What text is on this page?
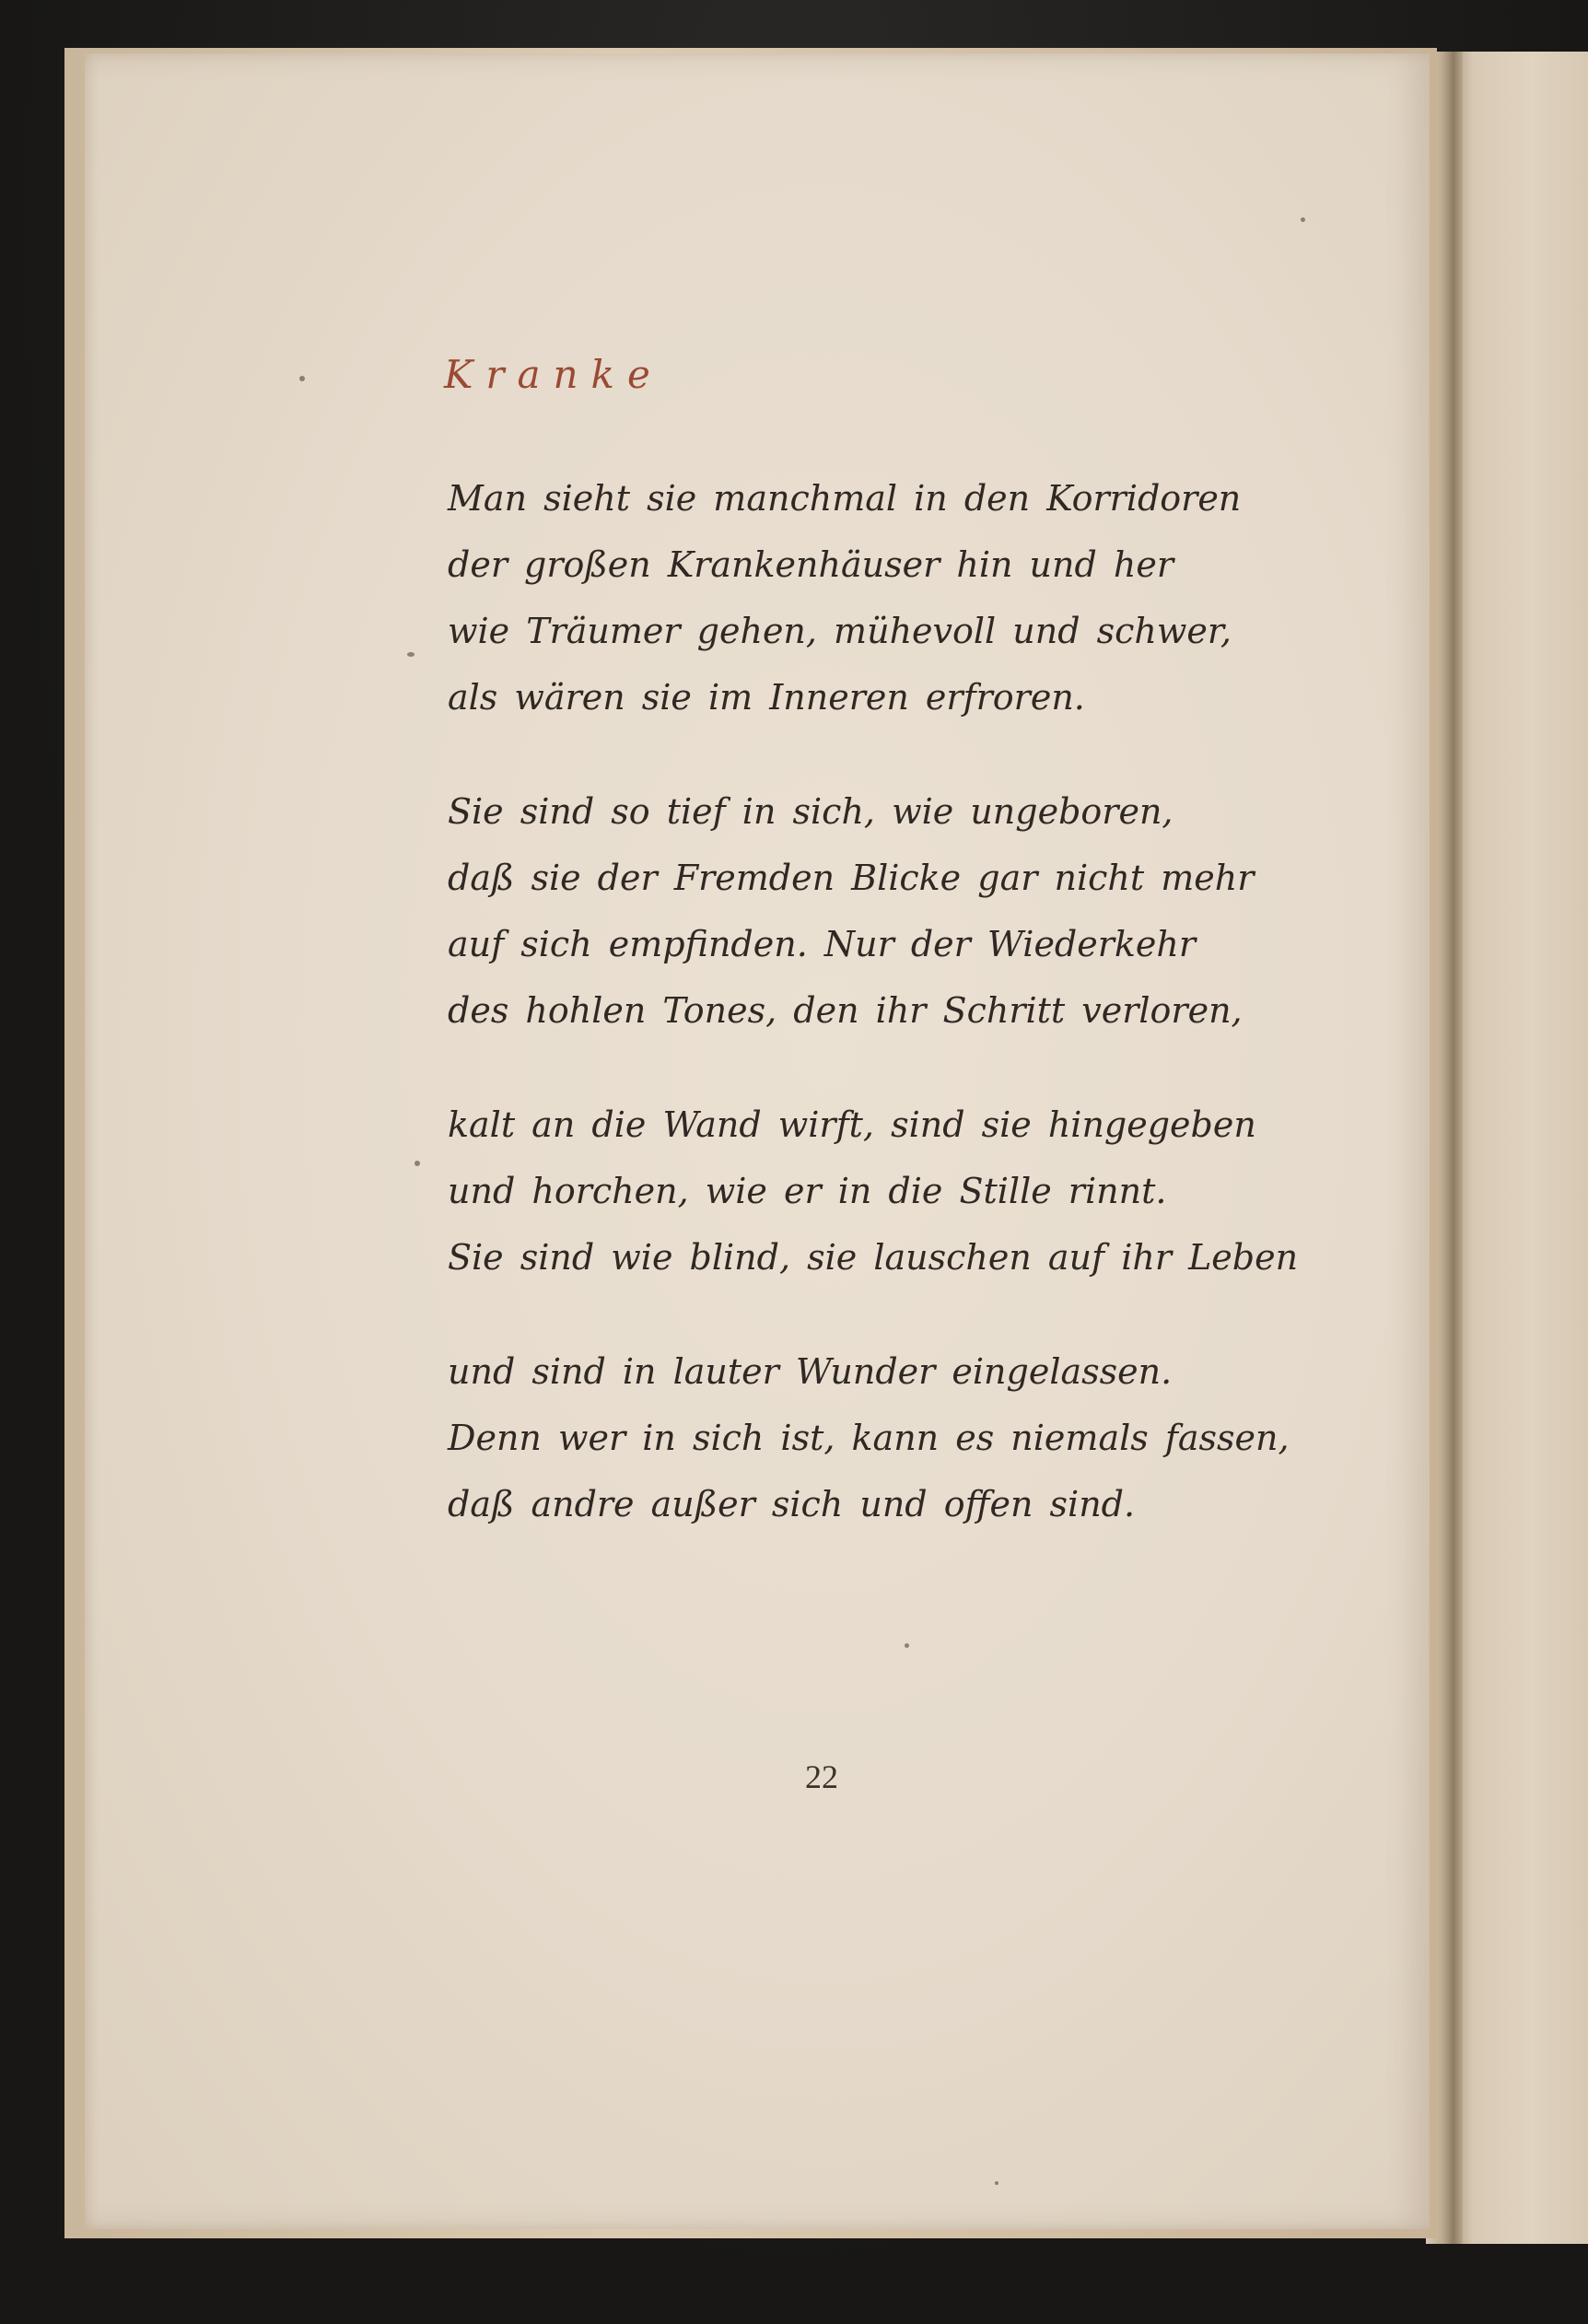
Kranke
Man sieht sie manchmal in den Korridoren
der großen Krankenhäuser hin und her
wie Träumer gehen, mühevoll und schwer,
als wären sie im Inneren erfroren.
Sie sind so tief in sich, wie ungeboren,
daß sie der Fremden Blicke gar nicht mehr
auf sich empfinden. Nur der Wiederkehr
des hohlen Tones, den ihr Schritt verloren,
kalt an die Wand wirft, sind sie hingegeben
und horchen, wie er in die Stille rinnt.
Sie sind wie blind, sie lauschen auf ihr Leben
und sind in lauter Wunder eingelassen.
Denn wer in sich ist, kann es niemals fassen,
daß andre außer sich und offen sind.
22
